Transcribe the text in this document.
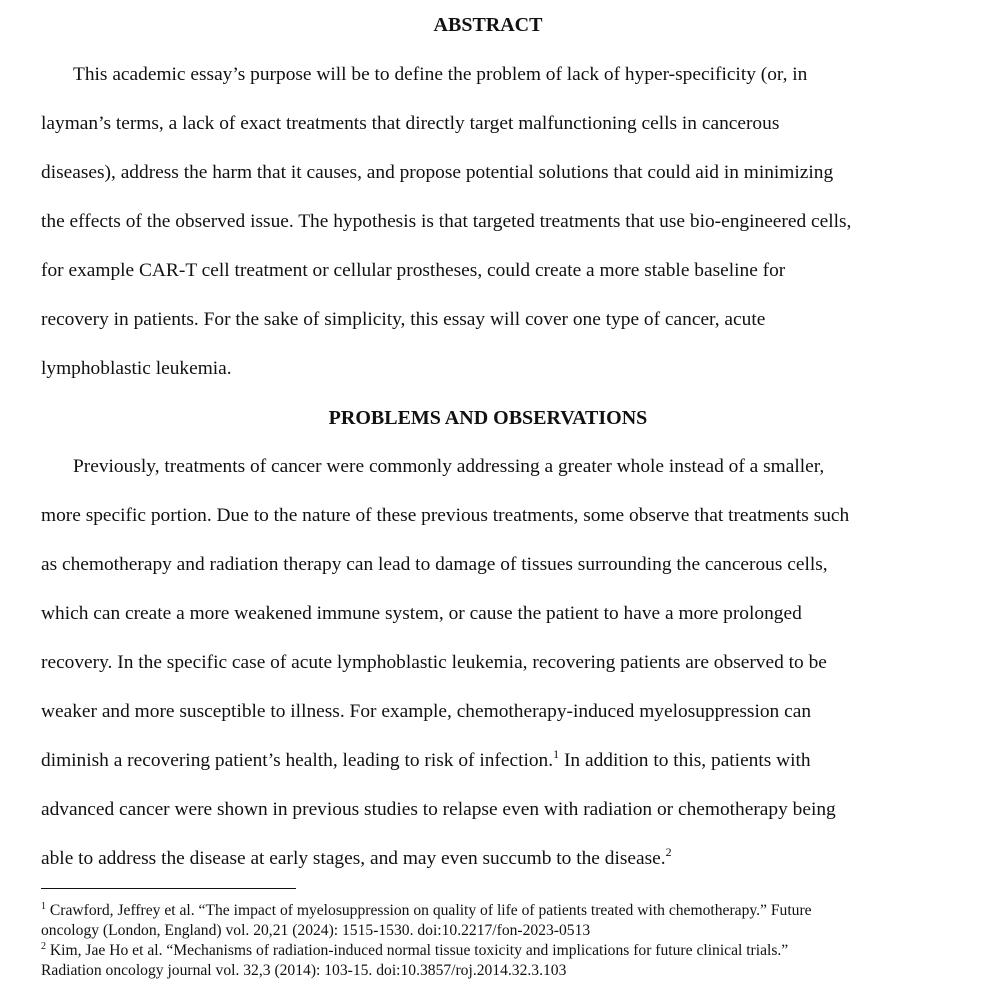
ABSTRACT

This academic essay’s purpose will be to define the problem of lack of hyper-specificity (or, in

layman’s terms, a lack of exact treatments that directly target malfunctioning cells in cancerous

diseases), address the harm that it causes, and propose potential solutions that could aid in minimizing

the effects of the observed issue. The hypothesis is that targeted treatments that use bio-engineered cells,

for example CAR-T cell treatment or cellular prostheses, could create a more stable baseline for

recovery in patients. For the sake of simplicity, this essay will cover one type of cancer, acute

lymphoblastic leukemia.

PROBLEMS AND OBSERVATIONS

Previously, treatments of cancer were commonly addressing a greater whole instead of a smaller,

more specific portion. Due to the nature of these previous treatments, some observe that treatments such

as chemotherapy and radiation therapy can lead to damage of tissues surrounding the cancerous cells,

which can create a more weakened immune system, or cause the patient to have a more prolonged

recovery. In the specific case of acute lymphoblastic leukemia, recovering patients are observed to be

weaker and more susceptible to illness. For example, chemotherapy-induced myelosuppression can

diminish a recovering patient’s health, leading to risk of infection.$^1$ In addition to this, patients with

advanced cancer were shown in previous studies to relapse even with radiation or chemotherapy being

able to address the disease at early stages, and may even succumb to the disease.$^2$

$^1$ Crawford, Jeffrey et al. “The impact of myelosuppression on quality of life of patients treated with chemotherapy.” Future

oncology (London, England) vol. 20,21 (2024): 1515-1530. doi:10.2217/fon-2023-0513

$^2$ Kim, Jae Ho et al. “Mechanisms of radiation-induced normal tissue toxicity and implications for future clinical trials.”

Radiation oncology journal vol. 32,3 (2014): 103-15. doi:10.3857/roj.2014.32.3.103
